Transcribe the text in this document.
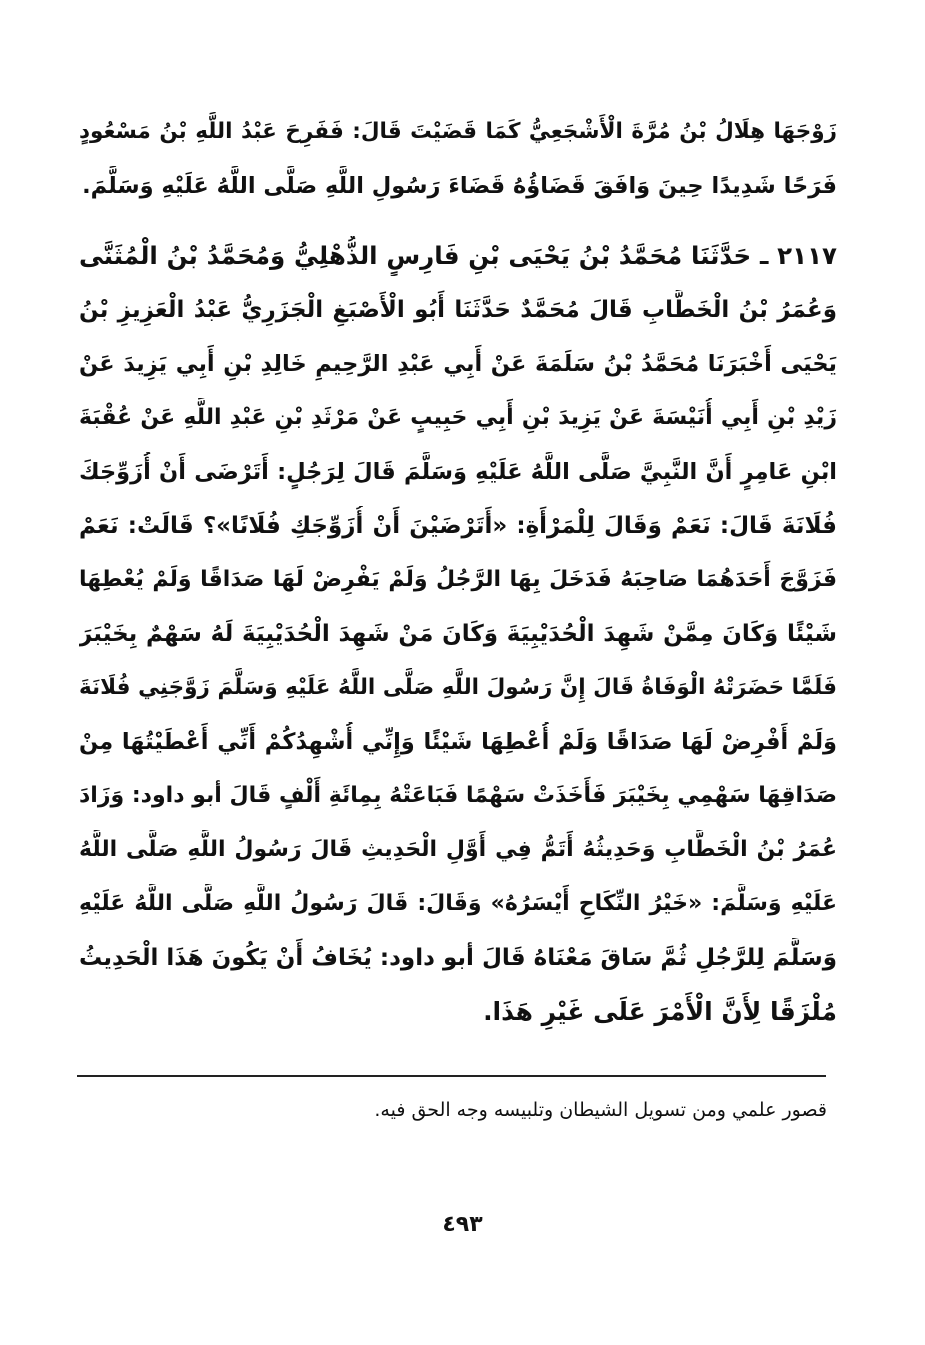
زَوْجَهَا هِلَالُ بْنُ مُرَّةَ الْأَشْجَعِيُّ كَمَا قَضَيْتَ قَالَ: فَفَرِحَ عَبْدُ اللَّهِ بْنُ مَسْعُودٍ
فَرَحًا شَدِيدًا حِينَ وَافَقَ قَضَاؤُهُ قَضَاءَ رَسُولِ اللَّهِ صَلَّى اللَّهُ عَلَيْهِ وَسَلَّمَ.
٢١١٧ ـ حَدَّثَنَا مُحَمَّدُ بْنُ يَحْيَى بْنِ فَارِسٍ الذُّهْلِيُّ وَمُحَمَّدُ بْنُ الْمُثَنَّى
وَعُمَرُ بْنُ الْخَطَّابِ قَالَ مُحَمَّدٌ حَدَّثَنَا أَبُو الْأَصْبَغِ الْجَزَرِيُّ عَبْدُ الْعَزِيزِ بْنُ
يَحْيَى أَخْبَرَنَا مُحَمَّدُ بْنُ سَلَمَةَ عَنْ أَبِي عَبْدِ الرَّحِيمِ خَالِدِ بْنِ أَبِي يَزِيدَ عَنْ
زَيْدِ بْنِ أَبِي أُنَيْسَةَ عَنْ يَزِيدَ بْنِ أَبِي حَبِيبٍ عَنْ مَرْثَدِ بْنِ عَبْدِ اللَّهِ عَنْ عُقْبَةَ
ابْنِ عَامِرٍ أَنَّ النَّبِيَّ صَلَّى اللَّهُ عَلَيْهِ وَسَلَّمَ قَالَ لِرَجُلٍ: أَتَرْضَى أَنْ أُزَوِّجَكَ
فُلَانَةَ قَالَ: نَعَمْ وَقَالَ لِلْمَرْأَةِ: «أَتَرْضَيْنَ أَنْ أُزَوِّجَكِ فُلَانًا»؟ قَالَتْ: نَعَمْ
فَزَوَّجَ أَحَدَهُمَا صَاحِبَهُ فَدَخَلَ بِهَا الرَّجُلُ وَلَمْ يَفْرِضْ لَهَا صَدَاقًا وَلَمْ يُعْطِهَا
شَيْئًا وَكَانَ مِمَّنْ شَهِدَ الْحُدَيْبِيَةَ وَكَانَ مَنْ شَهِدَ الْحُدَيْبِيَةَ لَهُ سَهْمٌ بِخَيْبَرَ
فَلَمَّا حَضَرَتْهُ الْوَفَاةُ قَالَ إِنَّ رَسُولَ اللَّهِ صَلَّى اللَّهُ عَلَيْهِ وَسَلَّمَ زَوَّجَنِي فُلَانَةَ
وَلَمْ أَفْرِضْ لَهَا صَدَاقًا وَلَمْ أُعْطِهَا شَيْئًا وَإِنِّي أُشْهِدُكُمْ أَنِّي أَعْطَيْتُهَا مِنْ
صَدَاقِهَا سَهْمِي بِخَيْبَرَ فَأَخَذَتْ سَهْمًا فَبَاعَتْهُ بِمِائَةِ أَلْفٍ قَالَ أبو داود: وَزَادَ
عُمَرُ بْنُ الْخَطَّابِ وَحَدِيثُهُ أَتَمُّ فِي أَوَّلِ الْحَدِيثِ قَالَ رَسُولُ اللَّهِ صَلَّى اللَّهُ
عَلَيْهِ وَسَلَّمَ: «خَيْرُ النِّكَاحِ أَيْسَرُهُ» وَقَالَ: قَالَ رَسُولُ اللَّهِ صَلَّى اللَّهُ عَلَيْهِ
وَسَلَّمَ لِلرَّجُلِ ثُمَّ سَاقَ مَعْنَاهُ قَالَ أبو داود: يُخَافُ أَنْ يَكُونَ هَذَا الْحَدِيثُ
مُلْزَقًا لِأَنَّ الْأَمْرَ عَلَى غَيْرِ هَذَا.
قصور علمي ومن تسويل الشيطان وتلبيسه وجه الحق فيه.
٤٩٣
